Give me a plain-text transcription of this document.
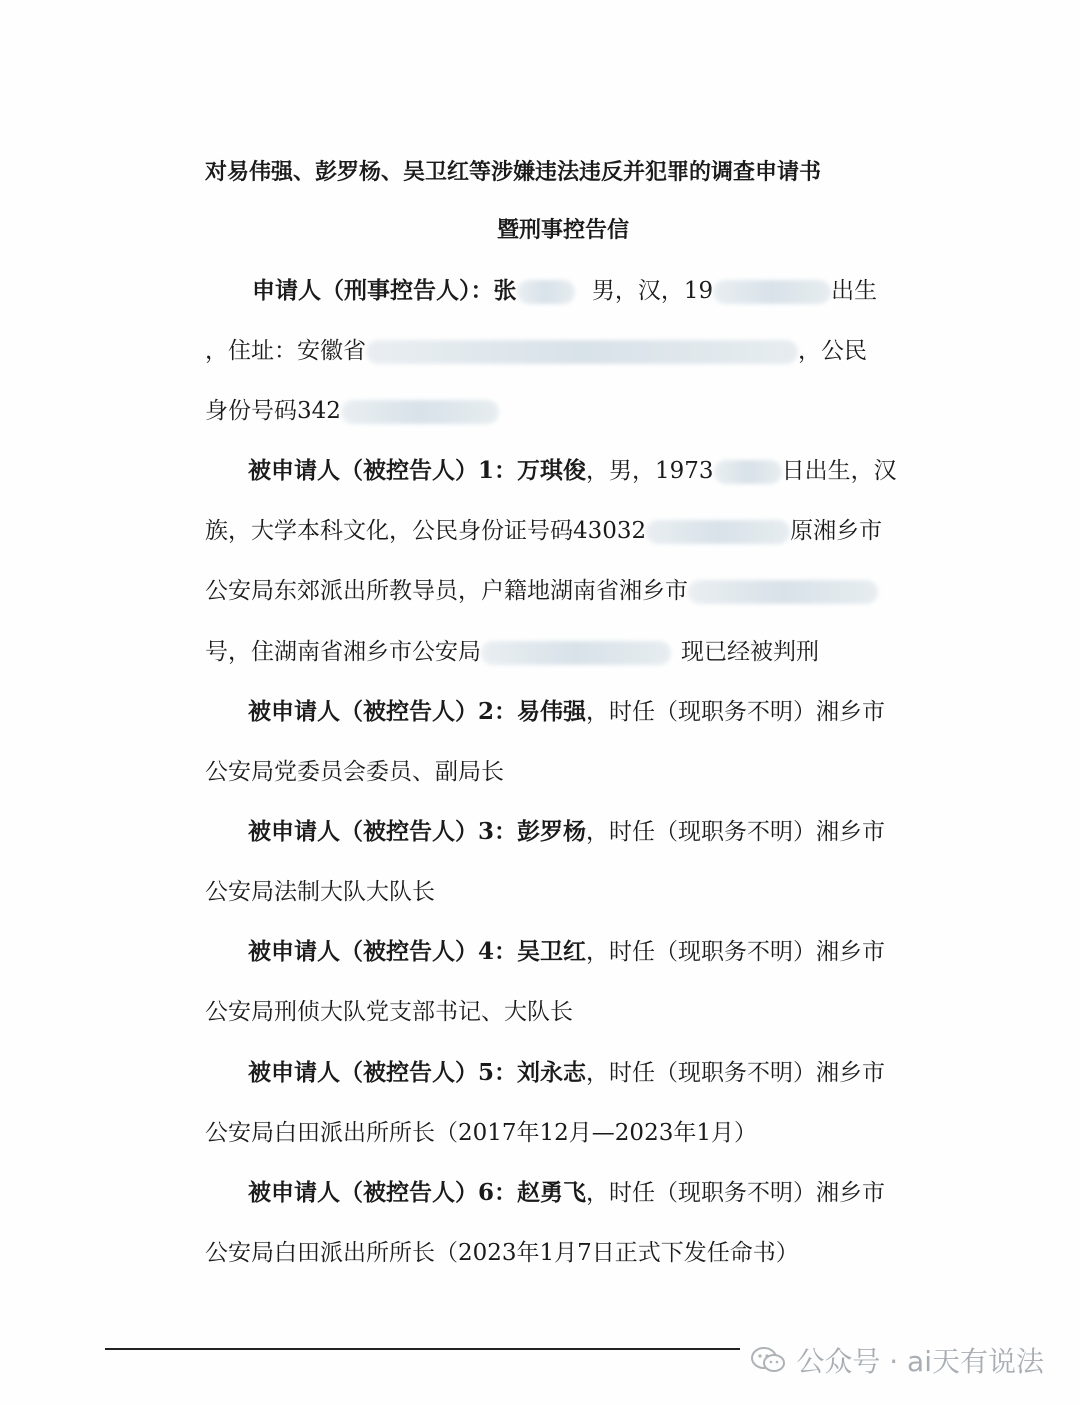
对易伟强、彭罗杨、吴卫红等涉嫌违法违反并犯罪的调查申请书
暨刑事控告信
申请人（刑事控告人）：张	男，汉，19	出生
，住址：安徽省	，公民
身份号码342
被申请人（被控告人）1：万琪俊，男，1973	日出生，汉
族，大学本科文化，公民身份证号码43032	原湘乡市
公安局东郊派出所教导员，户籍地湖南省湘乡市
号，住湖南省湘乡市公安局	现已经被判刑
被申请人（被控告人）2：易伟强，时任（现职务不明）湘乡市
公安局党委员会委员、副局长
被申请人（被控告人）3：彭罗杨，时任（现职务不明）湘乡市
公安局法制大队大队长
被申请人（被控告人）4：吴卫红，时任（现职务不明）湘乡市
公安局刑侦大队党支部书记、大队长
被申请人（被控告人）5：刘永志，时任（现职务不明）湘乡市
公安局白田派出所所长（2017年12月—2023年1月）
被申请人（被控告人）6：赵勇飞，时任（现职务不明）湘乡市
公安局白田派出所所长（2023年1月7日正式下发任命书）
公众号 · ai天有说法
